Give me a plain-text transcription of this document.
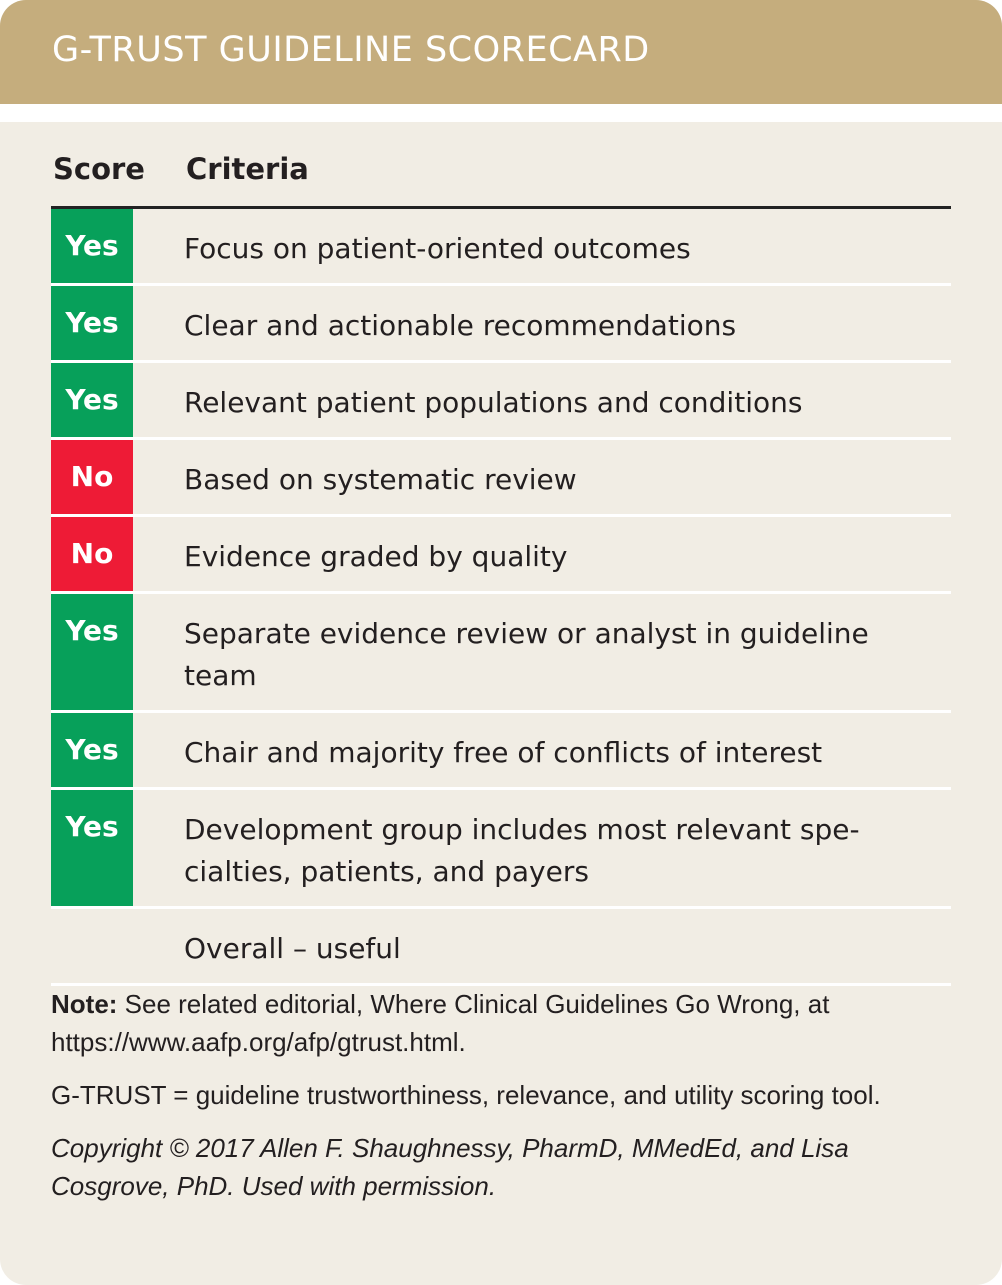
G-TRUST GUIDELINE SCORECARD
Score Criteria
Yes	Focus on patient-oriented outcomes
Yes	Clear and actionable recommendations
Yes	Relevant patient populations and conditions
No	Based on systematic review
No	Evidence graded by quality
Yes	Separate evidence review or analyst in guideline team
Yes	Chair and majority free of conflicts of interest
Yes	Development group includes most relevant spe-cialties, patients, and payers
Overall – useful

Note: See related editorial, Where Clinical Guidelines Go Wrong, at https://www.aafp.org/afp/gtrust.html.

G-TRUST = guideline trustworthiness, relevance, and utility scoring tool.

Copyright © 2017 Allen F. Shaughnessy, PharmD, MMedEd, and Lisa Cosgrove, PhD. Used with permission.
